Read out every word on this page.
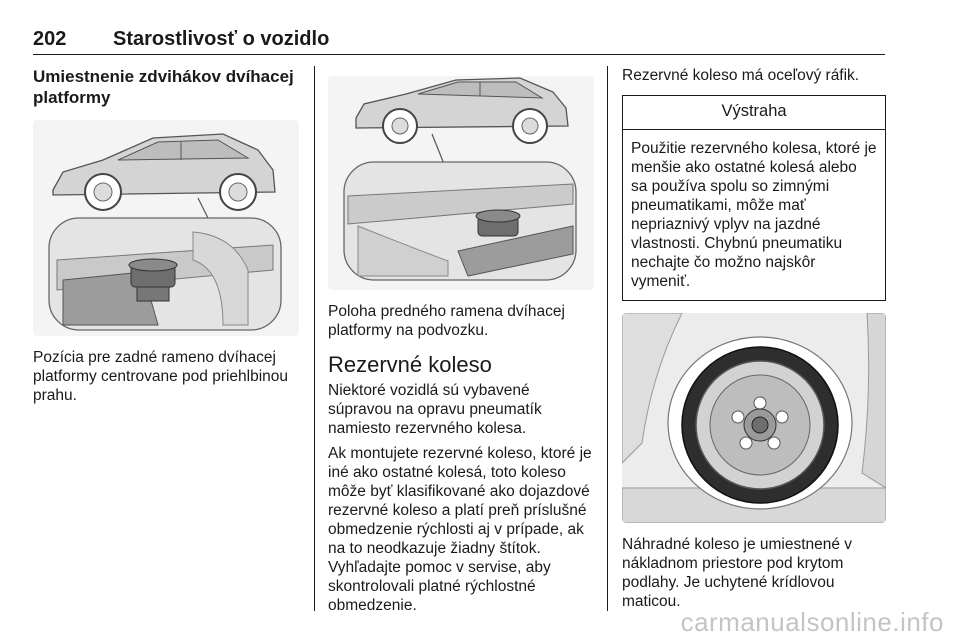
202 Starostlivosť o vozidlo

Umiestnenie zdvihákov dvíhacej platformy

Pozícia pre zadné rameno dvíhacej platformy centrovane pod priehlbinou prahu.

Poloha predného ramena dvíhacej platformy na podvozku.

Rezervné koleso

Niektoré vozidlá sú vybavené súpravou na opravu pneumatík namiesto rezervného kolesa.

Ak montujete rezervné koleso, ktoré je iné ako ostatné kolesá, toto koleso môže byť klasifikované ako dojazdové rezervné koleso a platí preň príslušné obmedzenie rýchlosti aj v prípade, ak na to neodkazuje žiadny štítok. Vyhľadajte pomoc v servise, aby skontrolovali platné rýchlostné obmedzenie.

Rezervné koleso má oceľový ráfik.

Výstraha
Použitie rezervného kolesa, ktoré je menšie ako ostatné kolesá alebo sa používa spolu so zimnými pneumatikami, môže mať nepriaznivý vplyv na jazdné vlastnosti. Chybnú pneumatiku nechajte čo možno najskôr vymeniť.

Náhradné koleso je umiestnené v nákladnom priestore pod krytom podlahy. Je uchytené krídlovou maticou.

carmanualsonline.info
